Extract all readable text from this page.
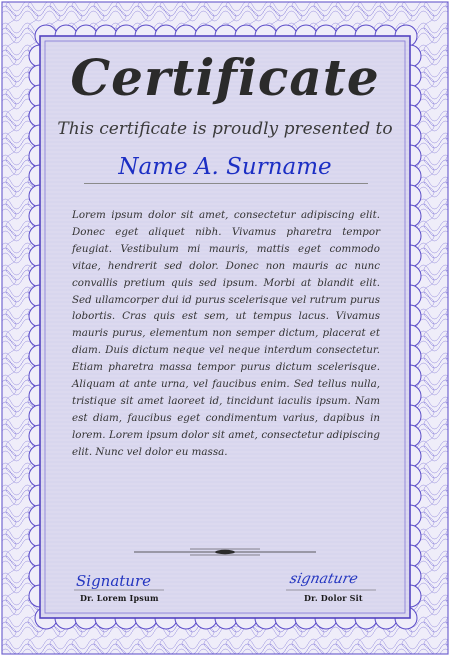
Certificate
This certificate is proudly presented to
Name A. Surname
Lorem ipsum dolor sit amet, consectetur adipiscing elit. Donec eget aliquet nibh. Vivamus pharetra tempor feugiat. Vestibulum mi mauris, mattis eget commodo vitae, hendrerit sed dolor. Donec non mauris ac nunc convallis pretium quis sed ipsum. Morbi at blandit elit. Sed ullamcorper dui id purus scelerisque vel rutrum purus lobortis. Cras quis est sem, ut tempus lacus. Vivamus mauris purus, elementum non semper dictum, placerat et diam. Duis dictum neque vel neque interdum consectetur. Etiam pharetra massa tempor purus dictum scelerisque. Aliquam at ante urna, vel faucibus enim. Sed tellus nulla, tristique sit amet laoreet id, tincidunt iaculis ipsum. Nam est diam, faucibus eget condimentum varius, dapibus in lorem. Lorem ipsum dolor sit amet, consectetur adipiscing elit. Nunc vel dolor eu massa.
Signature
Dr. Lorem Ipsum
signature
Dr. Dolor Sit
